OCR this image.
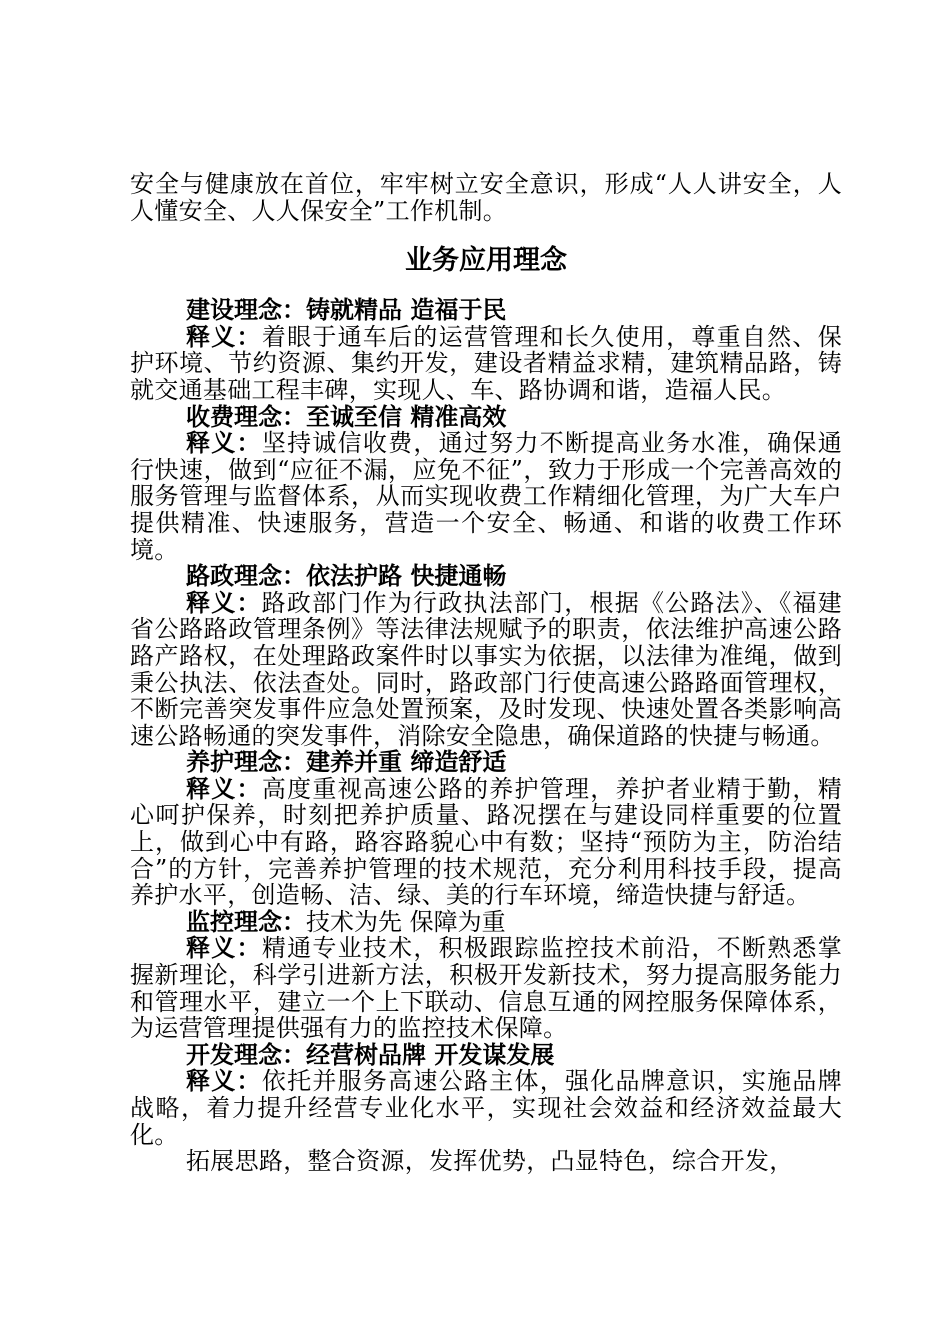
安全与健康放在首位，牢牢树立安全意识，形成“人人讲安全，人人懂安全、人人保安全”工作机制。

业务应用理念

建设理念：铸就精品 造福于民

释义：着眼于通车后的运营管理和长久使用，尊重自然、保护环境、节约资源、集约开发，建设者精益求精，建筑精品路，铸就交通基础工程丰碑，实现人、车、路协调和谐，造福人民。

收费理念：至诚至信 精准高效

释义：坚持诚信收费，通过努力不断提高业务水准，确保通行快速，做到“应征不漏，应免不征”，致力于形成一个完善高效的服务管理与监督体系，从而实现收费工作精细化管理，为广大车户提供精准、快速服务，营造一个安全、畅通、和谐的收费工作环境。

路政理念：依法护路 快捷通畅

释义：路政部门作为行政执法部门，根据《公路法》、《福建省公路路政管理条例》等法律法规赋予的职责，依法维护高速公路路产路权，在处理路政案件时以事实为依据，以法律为准绳，做到秉公执法、依法查处。同时，路政部门行使高速公路路面管理权，不断完善突发事件应急处置预案，及时发现、快速处置各类影响高速公路畅通的突发事件，消除安全隐患，确保道路的快捷与畅通。

养护理念：建养并重 缔造舒适

释义：高度重视高速公路的养护管理，养护者业精于勤，精心呵护保养，时刻把养护质量、路况摆在与建设同样重要的位置上，做到心中有路，路容路貌心中有数；坚持“预防为主，防治结合”的方针，完善养护管理的技术规范，充分利用科技手段，提高养护水平，创造畅、洁、绿、美的行车环境，缔造快捷与舒适。

监控理念：技术为先 保障为重

释义：精通专业技术，积极跟踪监控技术前沿，不断熟悉掌握新理论，科学引进新方法，积极开发新技术，努力提高服务能力和管理水平，建立一个上下联动、信息互通的网控服务保障体系，为运营管理提供强有力的监控技术保障。

开发理念：经营树品牌 开发谋发展

释义：依托并服务高速公路主体，强化品牌意识，实施品牌战略，着力提升经营专业化水平，实现社会效益和经济效益最大化。

拓展思路，整合资源，发挥优势，凸显特色，综合开发，
